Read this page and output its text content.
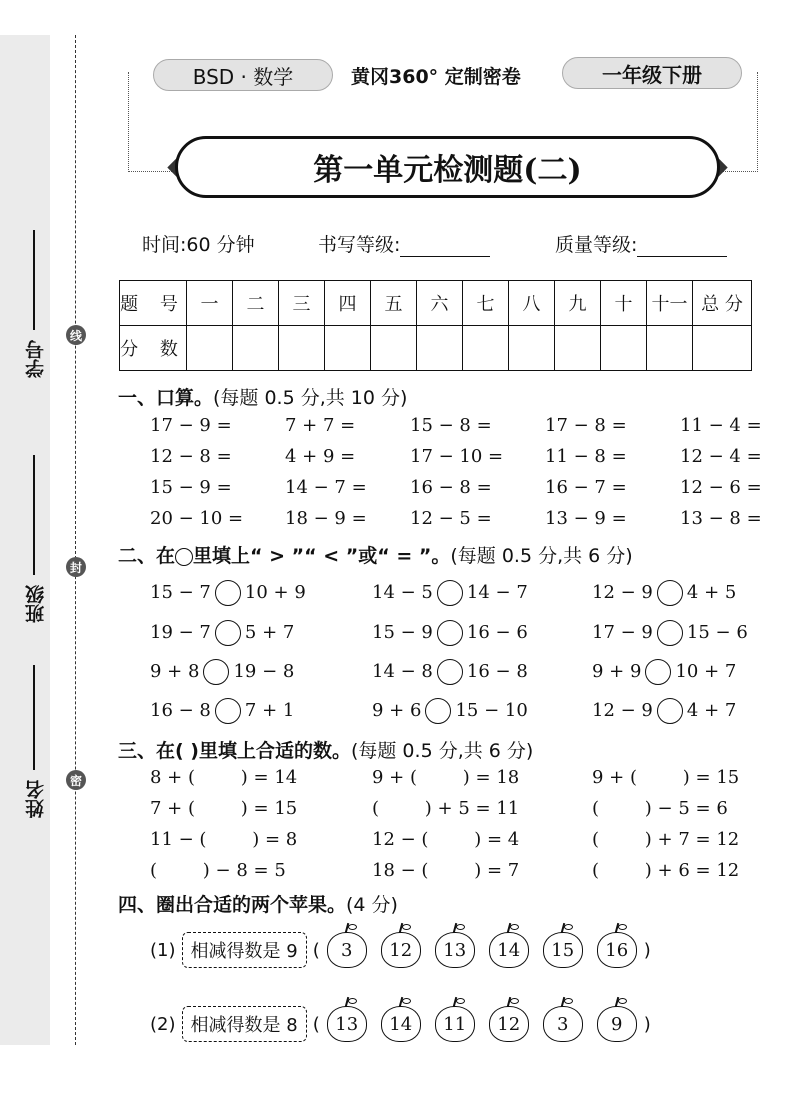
学号
班级
姓名
线
封
密
BSD · 数学	黄冈360° 定制密卷	一年级下册
第一单元检测题(二)
时间:60 分钟	书写等级:	质量等级:
题 号	一	二	三	四	五	六	七	八	九	十	十一	总 分
分 数												
一、口算。(每题 0.5 分,共 10 分)
17 − 9 =	7 + 7 =	15 − 8 =	17 − 8 =	11 − 4 =
12 − 8 =	4 + 9 =	17 − 10 = 11 − 8 =	12 − 4 =
15 − 9 =	14 − 7 = 16 − 8 =	16 − 7 =	12 − 6 =
20 − 10 = 18 − 9 = 12 − 5 =	13 − 9 =	13 − 8 =
二、在 里填上“ > ”“ < ”或“ = ”。(每题 0.5 分,共 6 分)
15 − 7 10 + 9	14 − 5 14 − 7	12 − 9 4 + 5
19 − 7 5 + 7	15 − 9 16 − 6	17 − 9 15 − 6
9 + 8 19 − 8	14 − 8 16 − 8	9 + 9 10 + 7
16 − 8 7 + 1	9 + 6 15 − 10	12 − 9 4 + 7
三、在( )里填上合适的数。(每题 0.5 分,共 6 分)
8 + (        ) = 14	9 + (        ) = 18	9 + (        ) = 15
7 + (        ) = 15	(        ) + 5 = 11	(        ) − 5 = 6
11 − (        ) = 8	12 − (        ) = 4	(        ) + 7 = 12
(        ) − 8 = 5	18 − (        ) = 7	(        ) + 6 = 12
四、圈出合适的两个苹果。(4 分)
(1) 相减得数是 9 (	3	12	13	14	15	16 )
(2) 相减得数是 8 ( 13	14	11	12	3	9	)
